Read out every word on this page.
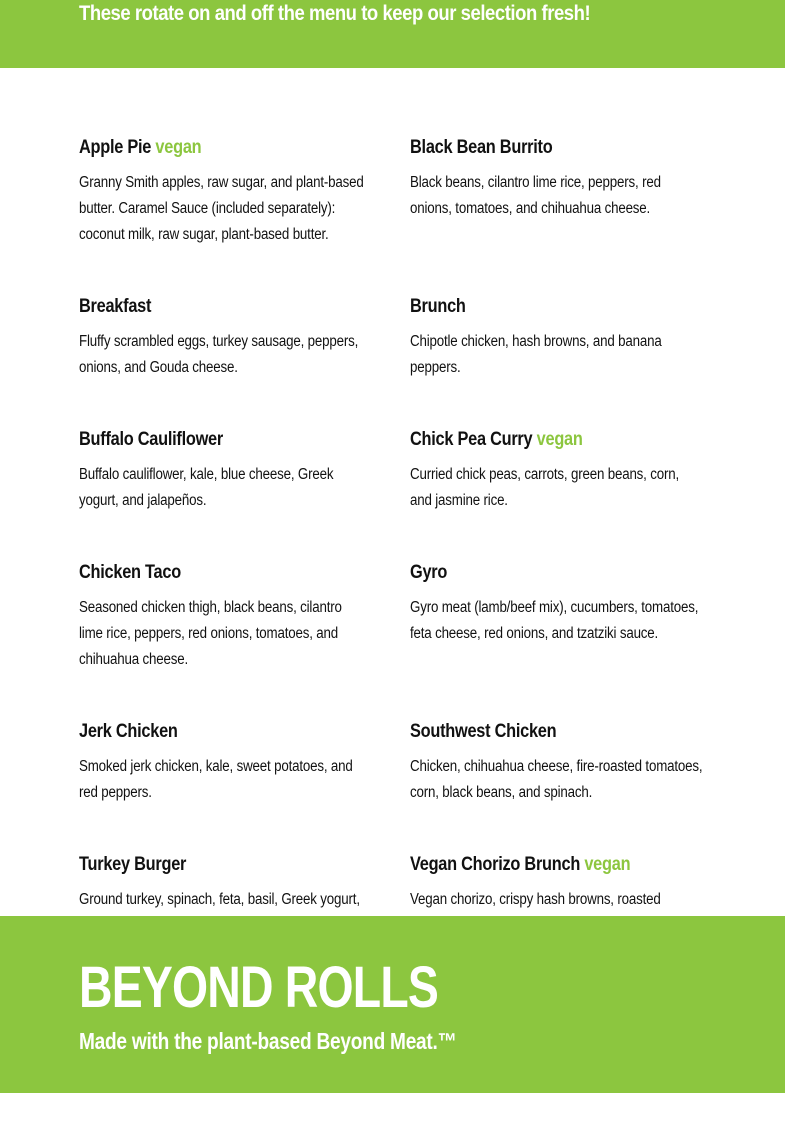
These rotate on and off the menu to keep our selection fresh!
Apple Pie vegan
Granny Smith apples, raw sugar, and plant-based butter. Caramel Sauce (included separately): coconut milk, raw sugar, plant-based butter.
Black Bean Burrito
Black beans, cilantro lime rice, peppers, red onions, tomatoes, and chihuahua cheese.
Breakfast
Fluffy scrambled eggs, turkey sausage, peppers, onions, and Gouda cheese.
Brunch
Chipotle chicken, hash browns, and banana peppers.
Buffalo Cauliflower
Buffalo cauliflower, kale, blue cheese, Greek yogurt, and jalapeños.
Chick Pea Curry vegan
Curried chick peas, carrots, green beans, corn, and jasmine rice.
Chicken Taco
Seasoned chicken thigh, black beans, cilantro lime rice, peppers, red onions, tomatoes, and chihuahua cheese.
Gyro
Gyro meat (lamb/beef mix), cucumbers, tomatoes, feta cheese, red onions, and tzatziki sauce.
Jerk Chicken
Smoked jerk chicken, kale, sweet potatoes, and red peppers.
Southwest Chicken
Chicken, chihuahua cheese, fire-roasted tomatoes, corn, black beans, and spinach.
Turkey Burger
Ground turkey, spinach, feta, basil, Greek yogurt,
Vegan Chorizo Brunch vegan
Vegan chorizo, crispy hash browns, roasted
BEYOND ROLLS
Made with the plant-based Beyond Meat.™
